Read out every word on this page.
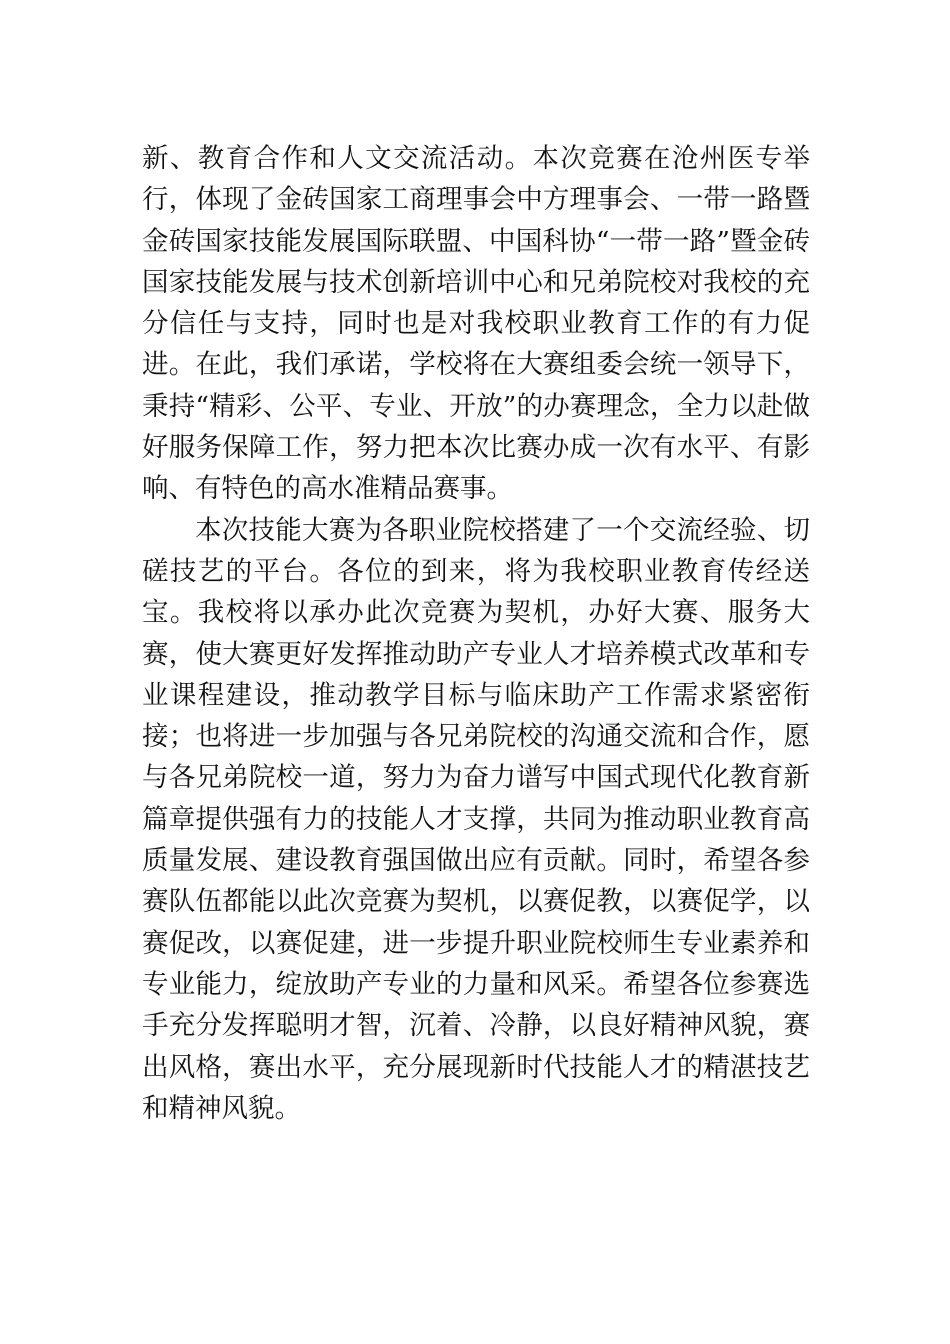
新、教育合作和人文交流活动。本次竞赛在沧州医专举行，体现了金砖国家工商理事会中方理事会、一带一路暨金砖国家技能发展国际联盟、中国科协“一带一路”暨金砖国家技能发展与技术创新培训中心和兄弟院校对我校的充分信任与支持，同时也是对我校职业教育工作的有力促进。在此，我们承诺，学校将在大赛组委会统一领导下，秉持“精彩、公平、专业、开放”的办赛理念，全力以赴做好服务保障工作，努力把本次比赛办成一次有水平、有影响、有特色的高水准精品赛事。

本次技能大赛为各职业院校搭建了一个交流经验、切磋技艺的平台。各位的到来，将为我校职业教育传经送宝。我校将以承办此次竞赛为契机，办好大赛、服务大赛，使大赛更好发挥推动助产专业人才培养模式改革和专业课程建设，推动教学目标与临床助产工作需求紧密衔接；也将进一步加强与各兄弟院校的沟通交流和合作，愿与各兄弟院校一道，努力为奋力谱写中国式现代化教育新篇章提供强有力的技能人才支撑，共同为推动职业教育高质量发展、建设教育强国做出应有贡献。同时，希望各参赛队伍都能以此次竞赛为契机，以赛促教，以赛促学，以赛促改，以赛促建，进一步提升职业院校师生专业素养和专业能力，绽放助产专业的力量和风采。希望各位参赛选手充分发挥聪明才智，沉着、冷静，以良好精神风貌，赛出风格，赛出水平，充分展现新时代技能人才的精湛技艺和精神风貌。
